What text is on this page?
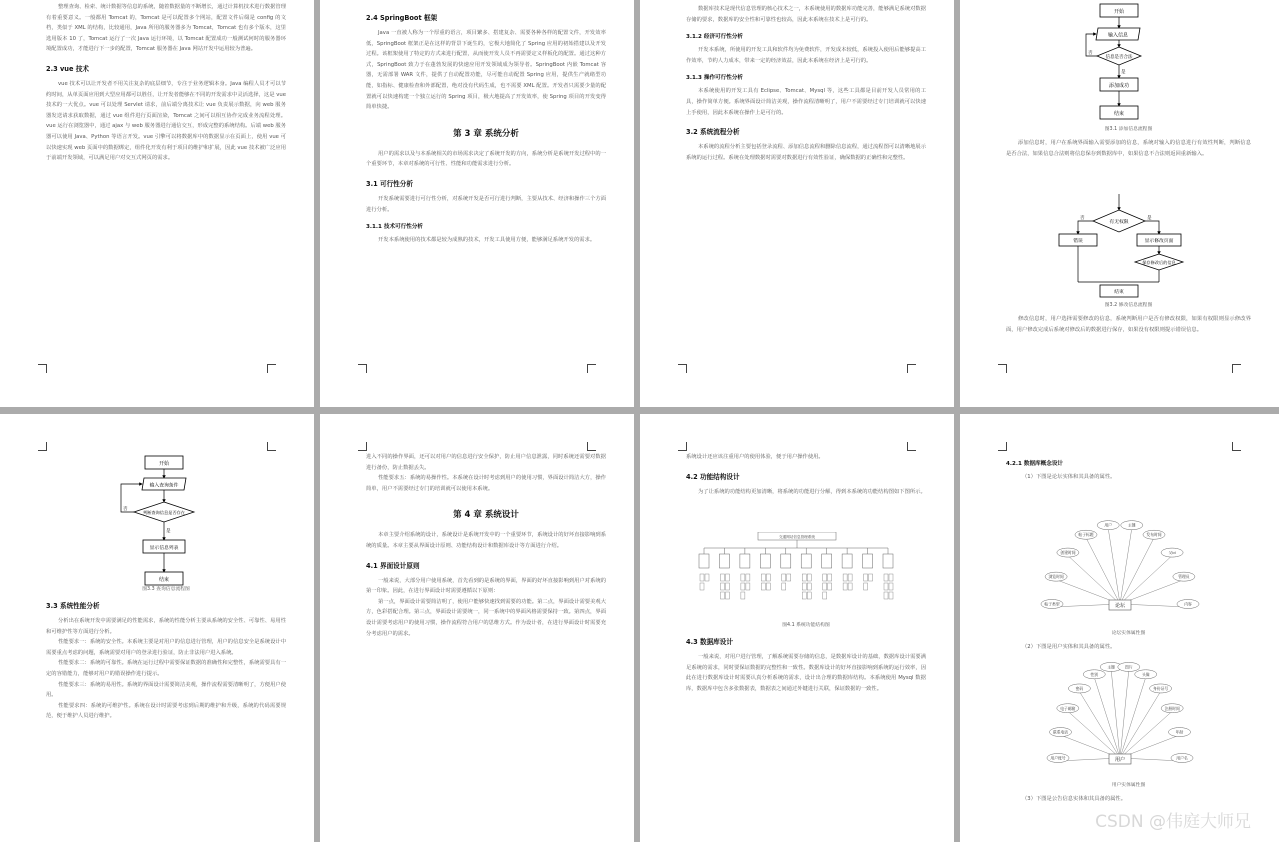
整理查询、检索、统计数据等信息的系统，随着数据量的不断增长，通过计算机技术进行数据管理有着重要意义。一般都用 Tomcat 的，Tomcat 是可以配置多个网站，配置文件后缀是 config 的文档，类似于 XML 的结构，比较通用，Java 所用的服务器多为 Tomcat，Tomcat 也有多个版本，这里选用版本 10 了，Tomcat 运行了一次 Java 运行环境，以 Tomcat 配置成功一般测试何时的服务器环境配置成功，才能进行下一步的配置，Tomcat 服务器在 Java 网站开发中运用较为普遍。

2.3 vue 技术

vue 技术可以让开发者不用关注复杂的底层细节，专注于业务逻辑本身。Java 编程人员才可以节约时间，从单页面应用到大型应用都可以胜任，让开发者能够在不同的开发需求中灵活选择，这是 vue 技术的一大优点。vue 可以处理 Servlet 请求，前后端分离技术让 vue 负责展示数据，向 web 服务器发送请求获取数据，通过 vue 组件进行页面渲染，Tomcat 之间可以相互协作完成业务流程处理。vue 运行在浏览器中，通过 ajax 与 web 服务器进行通信交互，形成完整的系统结构。后端 web 服务器可以使用 Java、Python 等语言开发。vue 引擎可以将数据库中的数据显示在页面上，使用 vue 可以快速实现 web 页面中的数据绑定，组件化开发有利于项目的维护和扩展，因此 vue 技术被广泛应用于前端开发领域，可以满足用户对交互式网页的需求。

2.4 SpringBoot 框架

Java 一直被人称为一个厚重的语言，项目繁多、搭建复杂、需要各种各样的配置文件，开发效率低，SpringBoot 框架正是在这样的背景下诞生的，它极大地简化了 Spring 应用的初始搭建以及开发过程。该框架使用了特定的方式来进行配置，从而使开发人员不再需要定义样板化的配置。通过这种方式，SpringBoot 致力于在蓬勃发展的快速应用开发领域成为领导者。SpringBoot 内嵌 Tomcat 容器，无需部署 WAR 文件，提供了自动配置功能，尽可能自动配置 Spring 应用，提供生产就绪型功能，如指标、健康检查和外部配置，绝对没有代码生成，也不需要 XML 配置。开发者只需要少量的配置就可以快速构建一个独立运行的 Spring 项目，极大地提高了开发效率，使 Spring 项目的开发变得简单快捷。

第 3 章 系统分析

用户的需求以及与本系统相关的市场需求决定了系统开发的方向，系统分析是系统开发过程中的一个重要环节，本章对系统的可行性、性能和功能需求进行分析。

3.1 可行性分析

开发系统需要进行可行性分析，对系统开发是否可行进行判断，主要从技术、经济和操作三个方面进行分析。

3.1.1 技术可行性分析

开发本系统使用的技术都是较为成熟的技术，开发工具使用方便，能够满足系统开发的需求。

数据库技术是现代信息管理的核心技术之一，本系统使用的数据库功能完善，能够满足系统对数据存储的要求，数据库的安全性和可靠性也较高，因此本系统在技术上是可行的。

3.1.2 经济可行性分析

开发本系统，所使用的开发工具和软件均为免费软件，开发成本较低，系统投入使用后能够提高工作效率，节约人力成本，带来一定的经济效益，因此本系统在经济上是可行的。

3.1.3 操作可行性分析

本系统使用的开发工具有 Eclipse、Tomcat、Mysql 等，这些工具都是目前开发人员常用的工具，操作简单方便。系统界面设计简洁美观，操作流程清晰明了，用户不需要经过专门培训就可以快速上手使用，因此本系统在操作上是可行的。

3.2 系统流程分析

本系统的流程分析主要包括登录流程、添加信息流程和删除信息流程，通过流程图可以清晰地展示系统的运行过程。系统在处理数据时需要对数据进行有效性验证，确保数据的正确性和完整性。

开始
输入信息
信息是否合法
否
是
添加成功
结束
图3.1 添加信息流程图

添加信息时，用户在系统界面输入需要添加的信息，系统对输入的信息进行有效性判断，判断信息是否合法，如果信息合法则将信息保存到数据库中，如果信息不合法则返回重新输入。

有无权限
否
错误
是
显示修改页面
保存修改后的信息
结束
图3.2 修改信息流程图

修改信息时，用户选择需要修改的信息，系统判断用户是否有修改权限，如果有权限则显示修改界面，用户修改完成后系统对修改后的数据进行保存，如果没有权限则提示错误信息。

开始
输入查询条件
判断查询信息是否存在
否
是
显示信息列表
结束
图3.3 查询信息流程图
3.3 系统性能分析

分析出在系统开发中需要满足的性能需求，系统的性能分析主要从系统的安全性、可靠性、易用性和可维护性等方面进行分析。

性能要求一：系统的安全性。本系统主要是对用户的信息进行管理，用户的信息安全是系统设计中需要重点考虑的问题，系统需要对用户的登录进行验证，防止非法用户进入系统。

性能要求二：系统的可靠性。系统在运行过程中需要保证数据的准确性和完整性，系统需要具有一定的容错能力，能够对用户的错误操作进行提示。

性能要求三：系统的易用性。系统的界面设计需要简洁美观，操作流程需要清晰明了，方便用户使用。

性能要求四：系统的可维护性。系统在设计时需要考虑到后期的维护和升级，系统的代码需要规范，便于维护人员进行维护。

进入不同的操作界面，还可以对用户的信息进行安全保护，防止用户信息泄露，同时系统还需要对数据进行备份，防止数据丢失。

性能要求五：系统的易操作性。本系统在设计时考虑到用户的使用习惯，界面设计简洁大方，操作简单，用户不需要经过专门的培训就可以使用本系统。

第 4 章 系统设计

本章主要介绍系统的设计，系统设计是系统开发中的一个重要环节，系统设计的好坏直接影响到系统的质量。本章主要从界面设计原则、功能结构设计和数据库设计等方面进行介绍。

4.1 界面设计原则

一般来说，大部分用户使用系统，首先看到的是系统的界面，界面的好坏直接影响到用户对系统的第一印象。因此，在进行界面设计时需要遵循以下原则：

第一点，界面设计需要简洁明了，使用户能够快速找到需要的功能。第二点，界面设计需要美观大方，色彩搭配合理。第三点，界面设计需要统一，同一系统中的界面风格需要保持一致。第四点，界面设计需要考虑用户的使用习惯，操作流程符合用户的思维方式。作为设计者，在进行界面设计时需要充分考虑用户的需求。

系统设计还应该注重用户的使用体验，便于用户操作使用。

4.2 功能结构设计

为了让系统的功能结构更加清晰，将系统的功能进行分解，得到本系统的功能结构图如下图所示。

交通网站信息管理系统
图4.1 系统功能结构图
4.3 数据库设计

一般来说，对用户进行管理，了解系统需要存储的信息，是数据库设计的基础，数据库设计需要满足系统的需求，同时要保证数据的完整性和一致性。数据库设计的好坏直接影响到系统的运行效率，因此在进行数据库设计时需要认真分析系统的需求，设计出合理的数据库结构。本系统使用 Mysql 数据库，数据库中包含多张数据表，数据表之间通过外键进行关联，保证数据的一致性。

4.2.1 数据库概念设计

（1）下图是论坛实体和其具备的属性。

帖子类型
浏览时间
创建时间
帖子标题
用户	主键
发布时间
父id
管理员
内容
论坛
论坛实体属性图

（2）下图是用户实体和其具备的属性。

用户账号
联系电话
电子邮箱
密码
性别
主键	图片
头像
身份证号
注册时间
年龄
用户名
用户
用户实体属性图

（3）下图是公告信息实体和其具备的属性。

CSDN @伟庭大师兄
